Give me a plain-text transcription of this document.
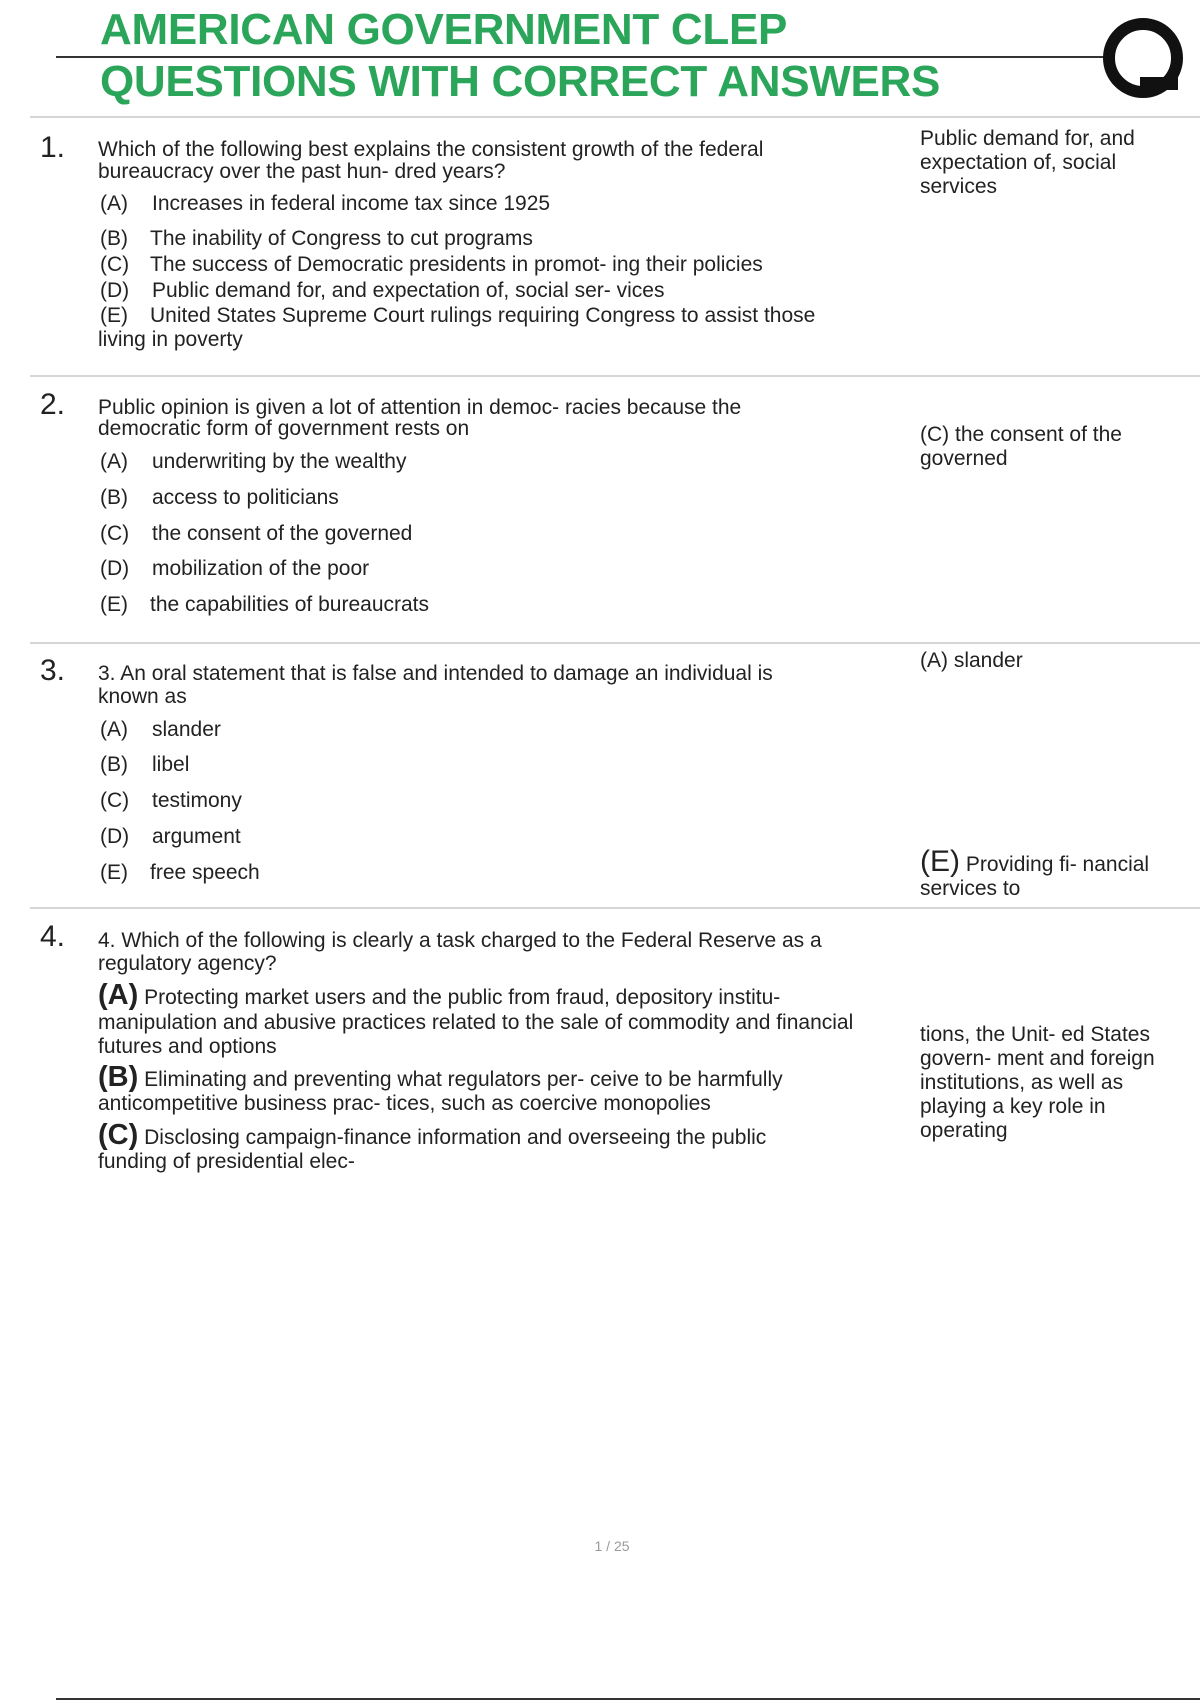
AMERICAN GOVERNMENT CLEP
QUESTIONS WITH CORRECT ANSWERS
1. Which of the following best explains the consistent growth of the federal
bureaucracy over the past hun- dred years?
(A) Increases in federal income tax since 1925
(B) The inability of Congress to cut programs
(C) The success of Democratic presidents in promot- ing their policies
(D) Public demand for, and expectation of, social ser- vices
(E) United States Supreme Court rulings requiring Congress to assist those
living in poverty
Public demand for, and expectation of, social services
2. Public opinion is given a lot of attention in democ- racies because the
democratic form of government rests on
(A) underwriting by the wealthy
(B) access to politicians
(C) the consent of the governed
(D) mobilization of the poor
(E) the capabilities of bureaucrats
(C) the consent of the governed
3. 3. An oral statement that is false and intended to damage an individual is
known as
(A) slander
(B) libel
(C) testimony
(D) argument
(E) free speech
(A) slander
(E) Providing fi- nancial services to
4. 4. Which of the following is clearly a task charged to the Federal Reserve as a
regulatory agency?
(A) Protecting market users and the public from fraud, depository institu-
manipulation and abusive practices related to the sale of commodity and financial
futures and options
(B) Eliminating and preventing what regulators per- ceive to be harmfully
anticompetitive business prac- tices, such as coercive monopolies
(C) Disclosing campaign-finance information and overseeing the public
funding of presidential elec-
tions, the Unit- ed States govern- ment and foreign institutions, as well as playing a key role in operating
1 / 25
